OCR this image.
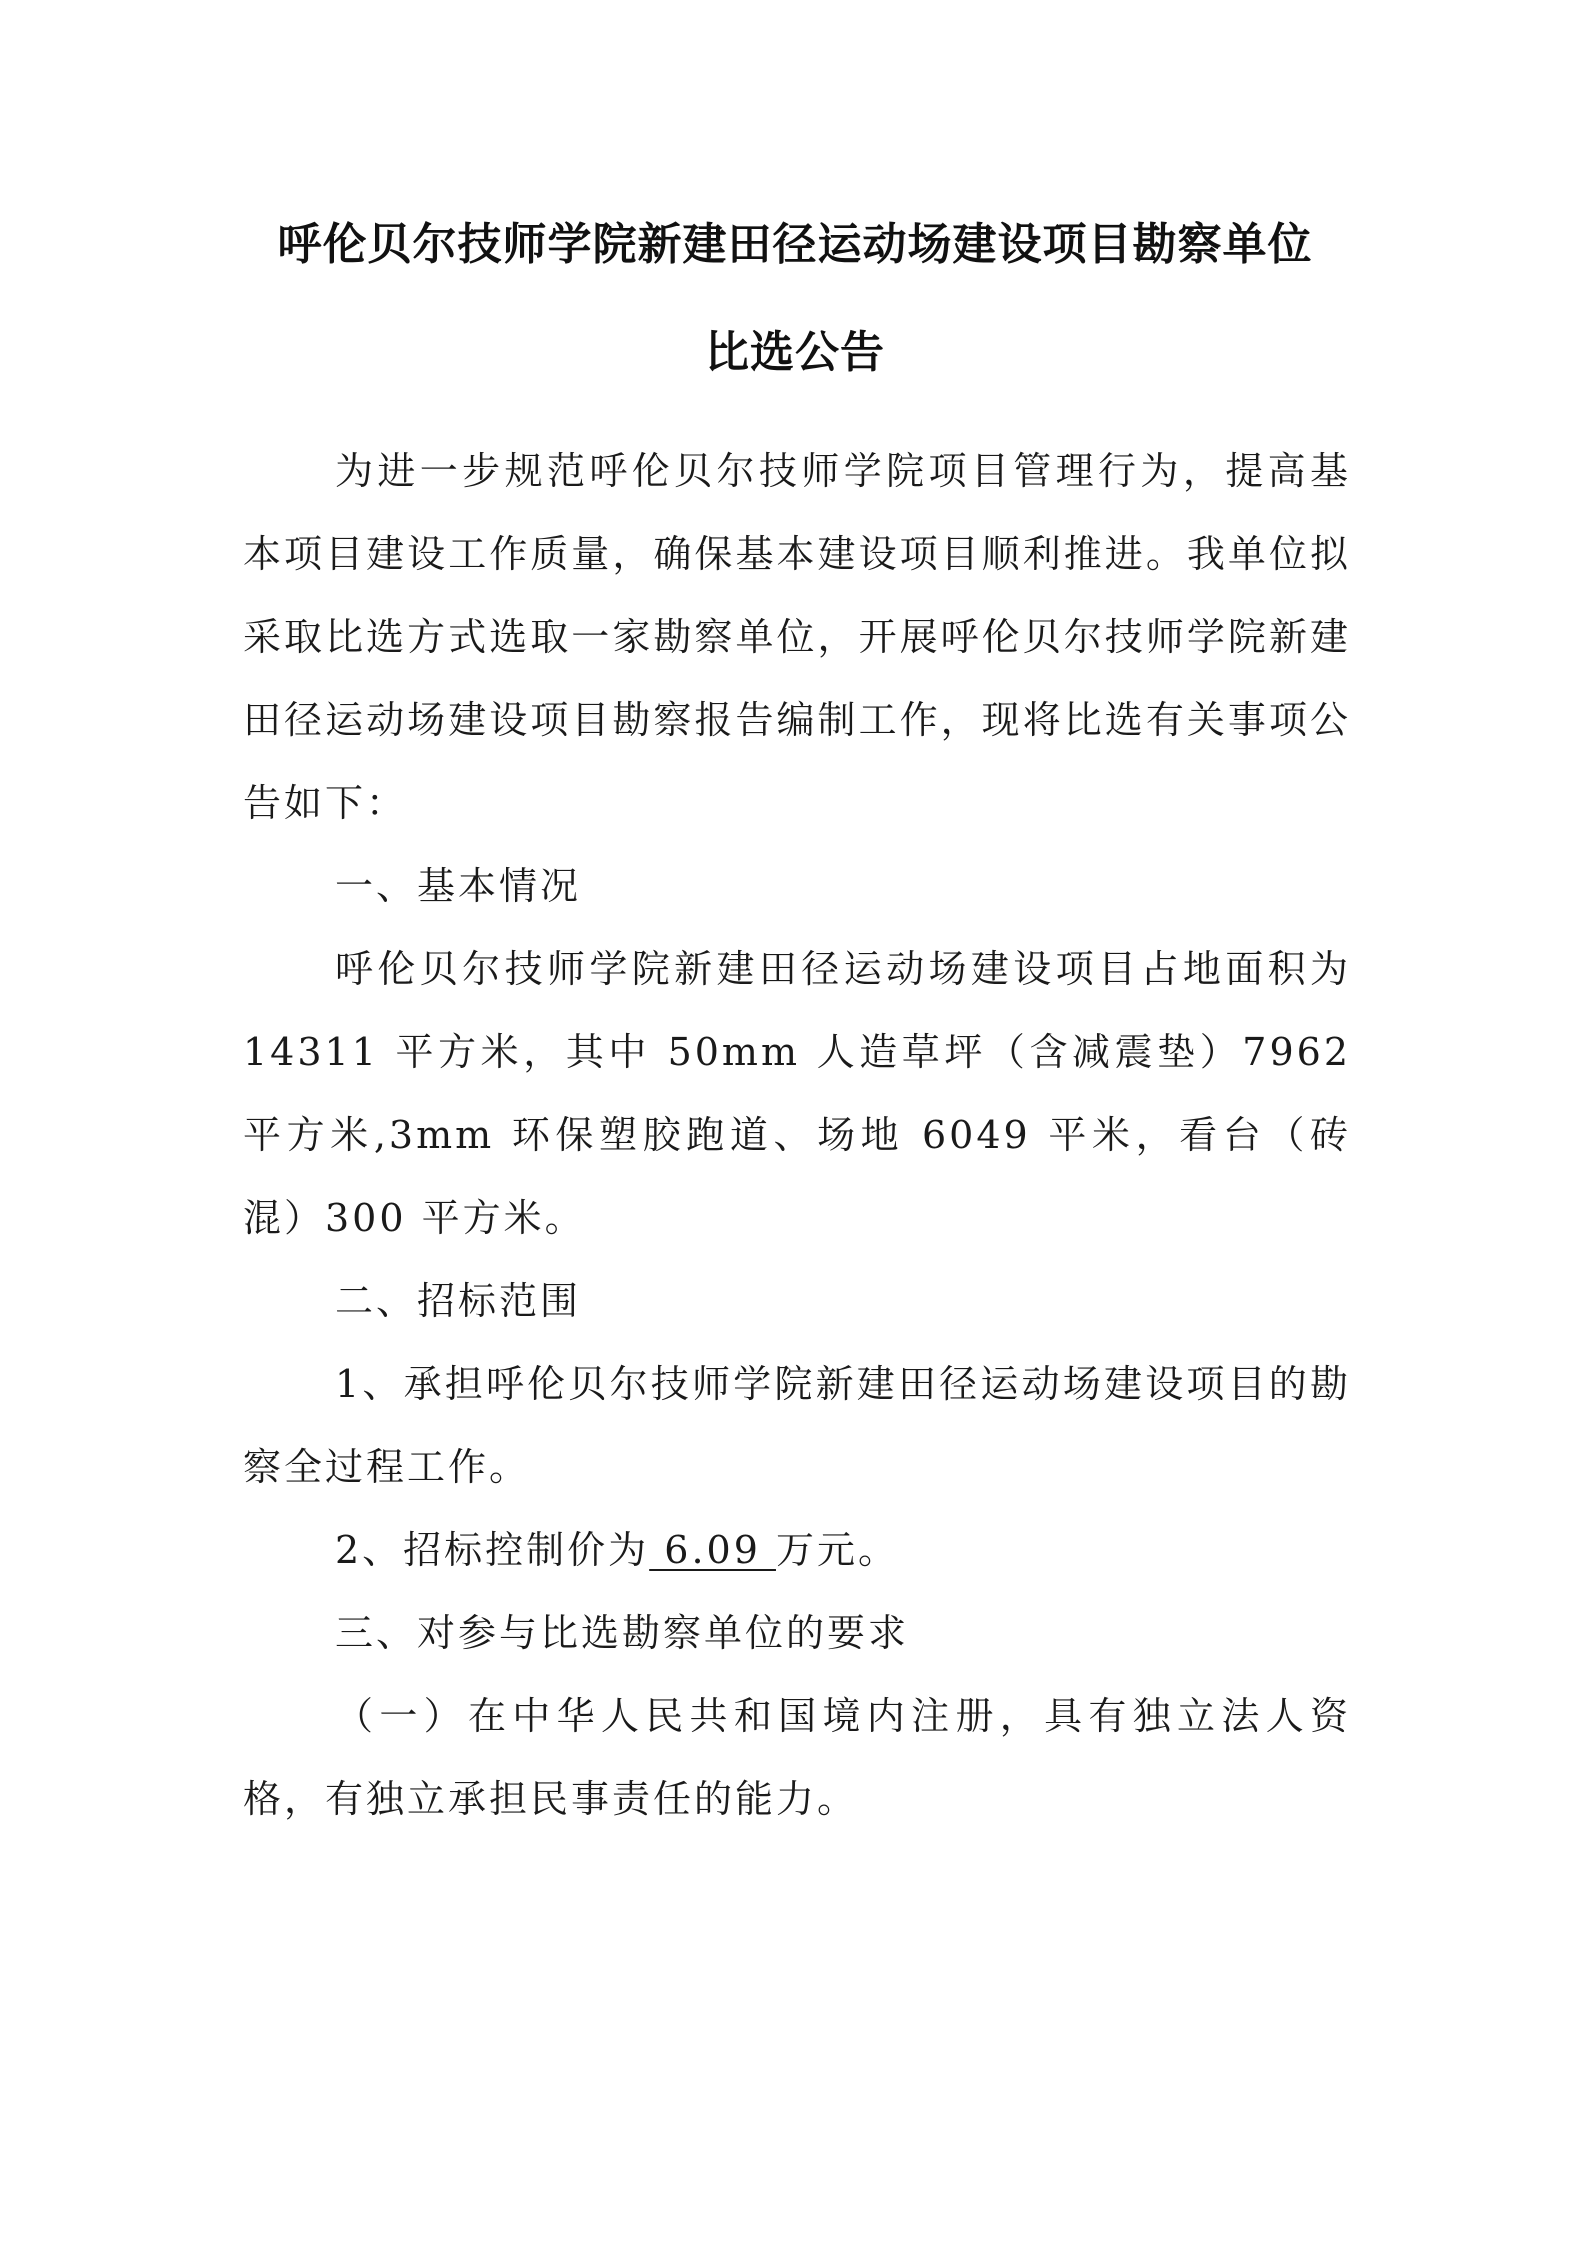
呼伦贝尔技师学院新建田径运动场建设项目勘察单位
比选公告

为进一步规范呼伦贝尔技师学院项目管理行为，提高基本项目建设工作质量，确保基本建设项目顺利推进。我单位拟采取比选方式选取一家勘察单位，开展呼伦贝尔技师学院新建田径运动场建设项目勘察报告编制工作，现将比选有关事项公告如下：

一、基本情况

呼伦贝尔技师学院新建田径运动场建设项目占地面积为 14311 平方米，其中 50mm 人造草坪（含减震垫）7962 平方米,3mm 环保塑胶跑道、场地 6049 平米，看台（砖混）300 平方米。

二、招标范围

1、承担呼伦贝尔技师学院新建田径运动场建设项目的勘察全过程工作。

2、招标控制价为 6.09 万元。

三、对参与比选勘察单位的要求

（一）在中华人民共和国境内注册，具有独立法人资格，有独立承担民事责任的能力。
